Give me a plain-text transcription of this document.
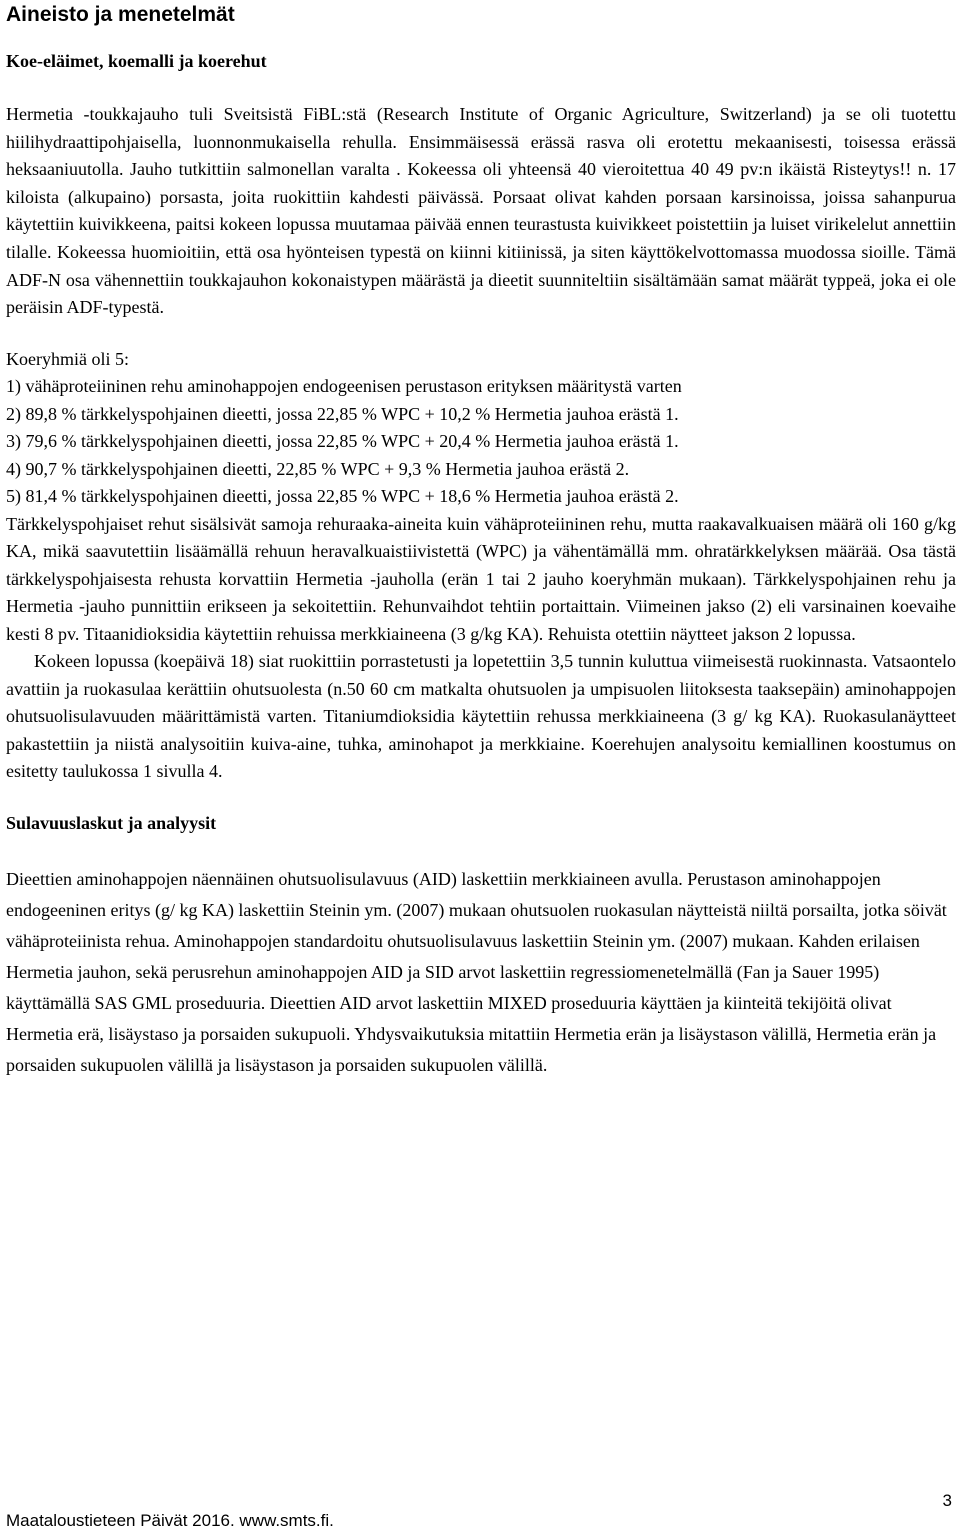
Aineisto ja menetelmät
Koe-eläimet, koemalli ja koerehut

Hermetia -toukkajauho tuli Sveitsistä FiBL:stä (Research Institute of Organic Agriculture, Switzerland) ja se oli tuotettu hiilihydraattipohjaisella, luonnonmukaisella rehulla. Ensimmäisessä erässä rasva oli erotettu mekaanisesti, toisessa erässä heksaaniuutolla. Jauho tutkittiin salmonellan varalta . Kokeessa oli yhteensä 40 vieroitettua 40 49 pv:n ikäistä Risteytys!! n. 17 kiloista (alkupaino) porsasta, joita ruokittiin kahdesti päivässä. Porsaat olivat kahden porsaan karsinoissa, joissa sahanpurua käytettiin kuivikkeena, paitsi kokeen lopussa muutamaa päivää ennen teurastusta kuivikkeet poistettiin ja luiset virikelelut annettiin tilalle. Kokeessa huomioitiin, että osa hyönteisen typestä on kiinni kitiinissä, ja siten käyttökelvottomassa muodossa sioille. Tämä ADF-N osa vähennettiin toukkajauhon kokonaistypen määrästä ja dieetit suunniteltiin sisältämään samat määrät typpeä, joka ei ole peräisin ADF-typestä.

Koeryhmiä oli 5:
1) vähäproteiininen rehu aminohappojen endogeenisen perustason erityksen määritystä varten
2) 89,8 % tärkkelyspohjainen dieetti, jossa 22,85 % WPC + 10,2 % Hermetia jauhoa erästä 1.
3) 79,6 % tärkkelyspohjainen dieetti, jossa 22,85 % WPC + 20,4 % Hermetia jauhoa erästä 1.
4) 90,7 % tärkkelyspohjainen dieetti, 22,85 % WPC + 9,3 % Hermetia jauhoa erästä 2.
5) 81,4 % tärkkelyspohjainen dieetti, jossa 22,85 % WPC + 18,6 % Hermetia jauhoa erästä 2.

Tärkkelyspohjaiset rehut sisälsivät samoja rehuraaka-aineita kuin vähäproteiininen rehu, mutta raakavalkuaisen määrä oli 160 g/kg KA, mikä saavutettiin lisäämällä rehuun heravalkuaistiivistettä (WPC) ja vähentämällä mm. ohratärkkelyksen määrää. Osa tästä tärkkelyspohjaisesta rehusta korvattiin Hermetia -jauholla (erän 1 tai 2 jauho koeryhmän mukaan). Tärkkelyspohjainen rehu ja Hermetia -jauho punnittiin erikseen ja sekoitettiin. Rehunvaihdot tehtiin portaittain. Viimeinen jakso (2) eli varsinainen koevaihe kesti 8 pv. Titaanidioksidia käytettiin rehuissa merkkiaineena (3 g/kg KA). Rehuista otettiin näytteet jakson 2 lopussa.

Kokeen lopussa (koepäivä 18) siat ruokittiin porrastetusti ja lopetettiin 3,5 tunnin kuluttua viimeisestä ruokinnasta. Vatsaontelo avattiin ja ruokasulaa kerättiin ohutsuolesta (n.50 60 cm matkalta ohutsuolen ja umpisuolen liitoksesta taaksepäin) aminohappojen ohutsuolisulavuuden määrittämistä varten. Titaniumdioksidia käytettiin rehussa merkkiaineena (3 g/ kg KA). Ruokasulanäytteet pakastettiin ja niistä analysoitiin kuiva-aine, tuhka, aminohapot ja merkkiaine. Koerehujen analysoitu kemiallinen koostumus on esitetty taulukossa 1 sivulla 4.

Sulavuuslaskut ja analyysit

Dieettien aminohappojen näennäinen ohutsuolisulavuus (AID) laskettiin merkkiaineen avulla. Perustason aminohappojen endogeeninen eritys (g/ kg KA) laskettiin Steinin ym. (2007) mukaan ohutsuolen ruokasulan näytteistä niiltä porsailta, jotka söivät vähäproteiinista rehua. Aminohappojen standardoitu ohutsuolisulavuus laskettiin Steinin ym. (2007) mukaan. Kahden erilaisen Hermetia jauhon, sekä perusrehun aminohappojen AID ja SID arvot laskettiin regressiomenetelmällä (Fan ja Sauer 1995) käyttämällä SAS GML proseduuria. Dieettien AID arvot laskettiin MIXED proseduuria käyttäen ja kiinteitä tekijöitä olivat Hermetia erä, lisäystaso ja porsaiden sukupuoli. Yhdysvaikutuksia mitattiin Hermetia erän ja lisäystason välillä, Hermetia erän ja porsaiden sukupuolen välillä ja lisäystason ja porsaiden sukupuolen välillä.

3
Maataloustieteen Päivät 2016. www.smts.fi.
